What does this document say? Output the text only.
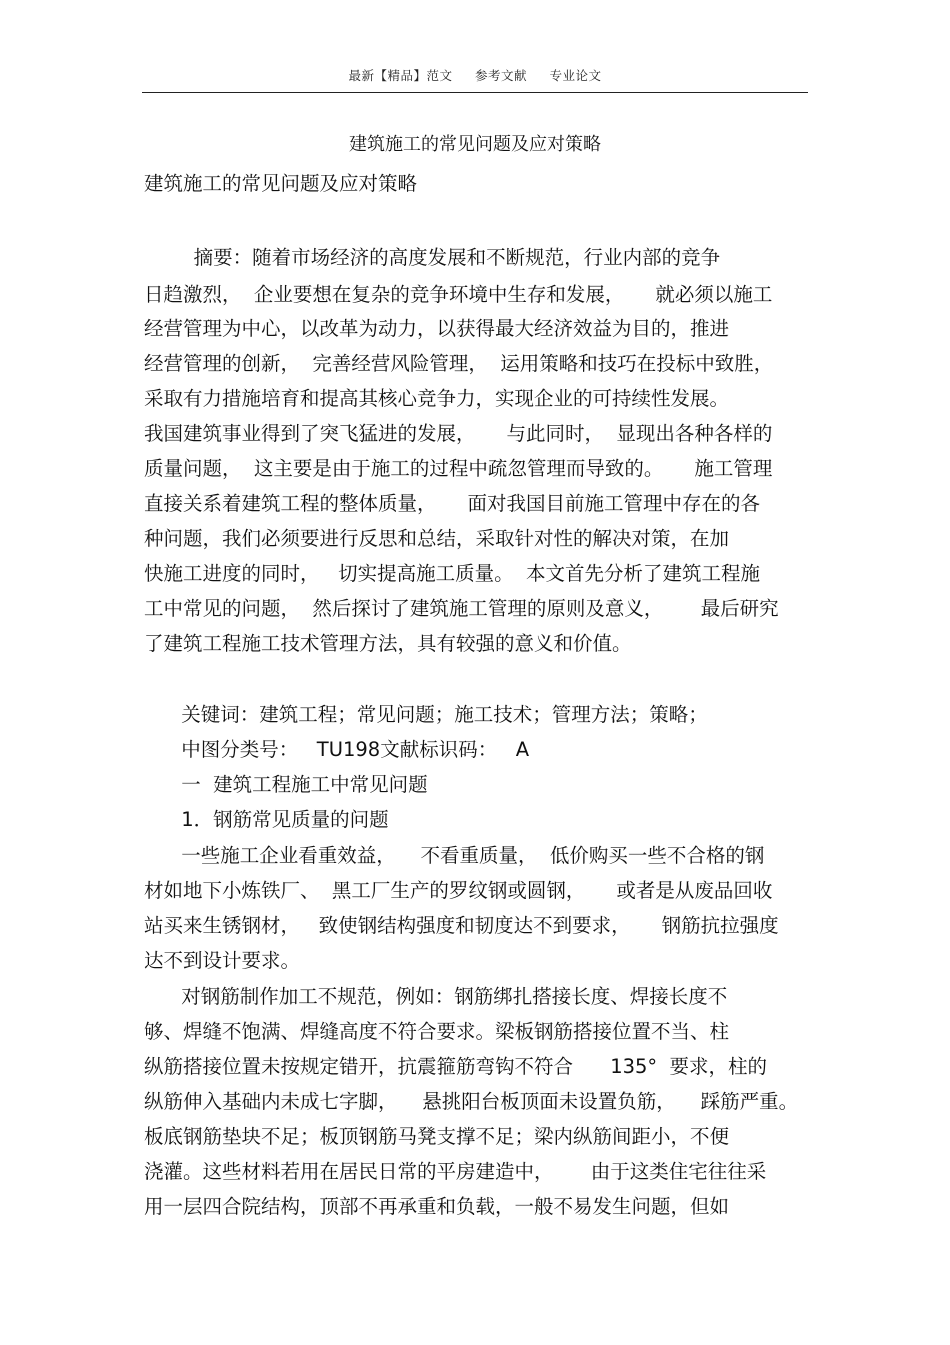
最新【精品】范文 参考文献 专业论文
建筑施工的常见问题及应对策略
建筑施工的常见问题及应对策略
摘要：随着市场经济的高度发展和不断规范，行业内部的竞争
日趋激烈，  企业要想在复杂的竞争环境中生存和发展，     就必须以施工
经营管理为中心，以改革为动力，以获得最大经济效益为目的，推进
经营管理的创新，  完善经营风险管理，  运用策略和技巧在投标中致胜，
采取有力措施培育和提高其核心竞争力，实现企业的可持续性发展。
我国建筑事业得到了突飞猛进的发展，     与此同时，  显现出各种各样的
质量问题，  这主要是由于施工的过程中疏忽管理而导致的。     施工管理
直接关系着建筑工程的整体质量，     面对我国目前施工管理中存在的各
种问题，我们必须要进行反思和总结，采取针对性的解决对策，在加
快施工进度的同时，   切实提高施工质量。  本文首先分析了建筑工程施
工中常见的问题，  然后探讨了建筑施工管理的原则及意义，      最后研究
了建筑工程施工技术管理方法，具有较强的意义和价值。
关键词：建筑工程；常见问题；施工技术；管理方法；策略；
中图分类号：   TU198文献标识码：   A
一  建筑工程施工中常见问题
1．钢筋常见质量的问题
一些施工企业看重效益，    不看重质量，  低价购买一些不合格的钢
材如地下小炼铁厂、  黑工厂生产的罗纹钢或圆钢，     或者是从废品回收
站买来生锈钢材，   致使钢结构强度和韧度达不到要求，     钢筋抗拉强度
达不到设计要求。
对钢筋制作加工不规范，例如：钢筋绑扎搭接长度、焊接长度不
够、焊缝不饱满、焊缝高度不符合要求。梁板钢筋搭接位置不当、柱
纵筋搭接位置未按规定错开，抗震箍筋弯钩不符合      135°  要求，柱的
纵筋伸入基础内未成七字脚，    悬挑阳台板顶面未设置负筋，    踩筋严重。
板底钢筋垫块不足；板顶钢筋马凳支撑不足；梁内纵筋间距小，不便
浇灌。这些材料若用在居民日常的平房建造中，      由于这类住宅往往采
用一层四合院结构，顶部不再承重和负载，一般不易发生问题，但如
